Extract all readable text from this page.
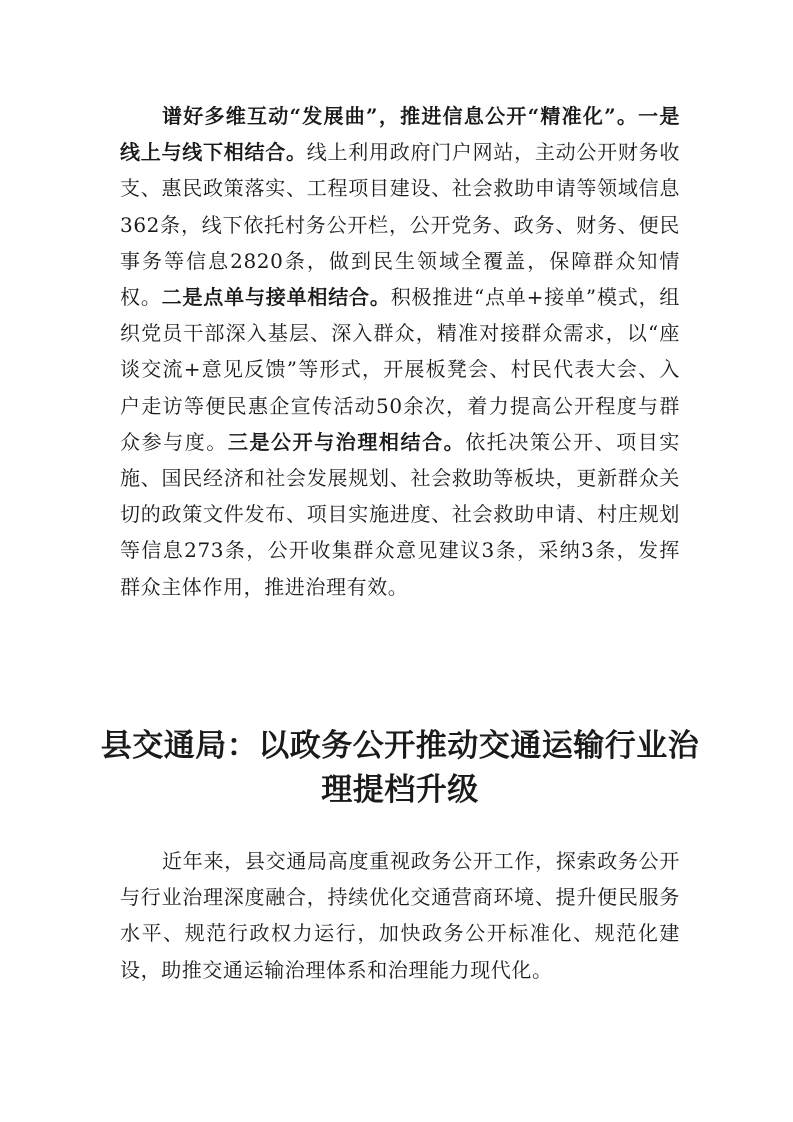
谱好多维互动“发展曲”，推进信息公开“精准化”。一是线上与线下相结合。线上利用政府门户网站，主动公开财务收支、惠民政策落实、工程项目建设、社会救助申请等领域信息362条，线下依托村务公开栏，公开党务、政务、财务、便民事务等信息2820条，做到民生领域全覆盖，保障群众知情权。二是点单与接单相结合。积极推进“点单+接单”模式，组织党员干部深入基层、深入群众，精准对接群众需求，以“座谈交流+意见反馈”等形式，开展板凳会、村民代表大会、入户走访等便民惠企宣传活动50余次，着力提高公开程度与群众参与度。三是公开与治理相结合。依托决策公开、项目实施、国民经济和社会发展规划、社会救助等板块，更新群众关切的政策文件发布、项目实施进度、社会救助申请、村庄规划等信息273条，公开收集群众意见建议3条，采纳3条，发挥群众主体作用，推进治理有效。

县交通局：以政务公开推动交通运输行业治理提档升级

近年来，县交通局高度重视政务公开工作，探索政务公开与行业治理深度融合，持续优化交通营商环境、提升便民服务水平、规范行政权力运行，加快政务公开标准化、规范化建设，助推交通运输治理体系和治理能力现代化。
